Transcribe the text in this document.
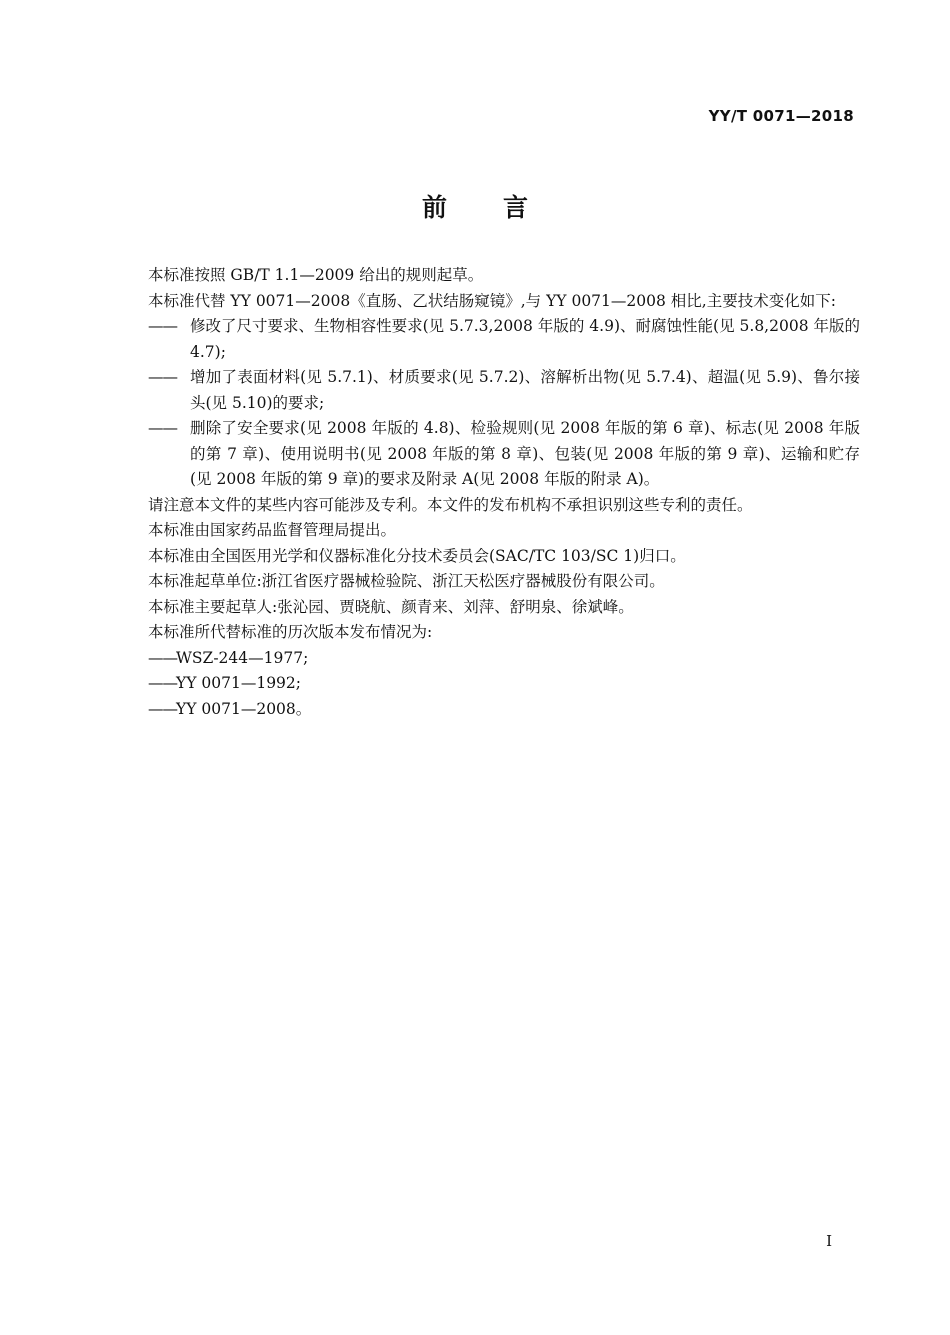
YY/T 0071—2018
前 言

本标准按照 GB/T 1.1—2009 给出的规则起草。

本标准代替 YY 0071—2008《直肠、乙状结肠窥镜》,与 YY 0071—2008 相比,主要技术变化如下:

—— 修改了尺寸要求、生物相容性要求(见 5.7.3,2008 年版的 4.9)、耐腐蚀性能(见 5.8,2008 年版的 4.7);
—— 增加了表面材料(见 5.7.1)、材质要求(见 5.7.2)、溶解析出物(见 5.7.4)、超温(见 5.9)、鲁尔接头(见 5.10)的要求;
—— 删除了安全要求(见 2008 年版的 4.8)、检验规则(见 2008 年版的第 6 章)、标志(见 2008 年版的第 7 章)、使用说明书(见 2008 年版的第 8 章)、包装(见 2008 年版的第 9 章)、运输和贮存(见 2008 年版的第 9 章)的要求及附录 A(见 2008 年版的附录 A)。

请注意本文件的某些内容可能涉及专利。本文件的发布机构不承担识别这些专利的责任。

本标准由国家药品监督管理局提出。

本标准由全国医用光学和仪器标准化分技术委员会(SAC/TC 103/SC 1)归口。

本标准起草单位:浙江省医疗器械检验院、浙江天松医疗器械股份有限公司。

本标准主要起草人:张沁园、贾晓航、颜青来、刘萍、舒明泉、徐斌峰。

本标准所代替标准的历次版本发布情况为:

—— WSZ-244—1977;
—— YY 0071—1992;
—— YY 0071—2008。
I
